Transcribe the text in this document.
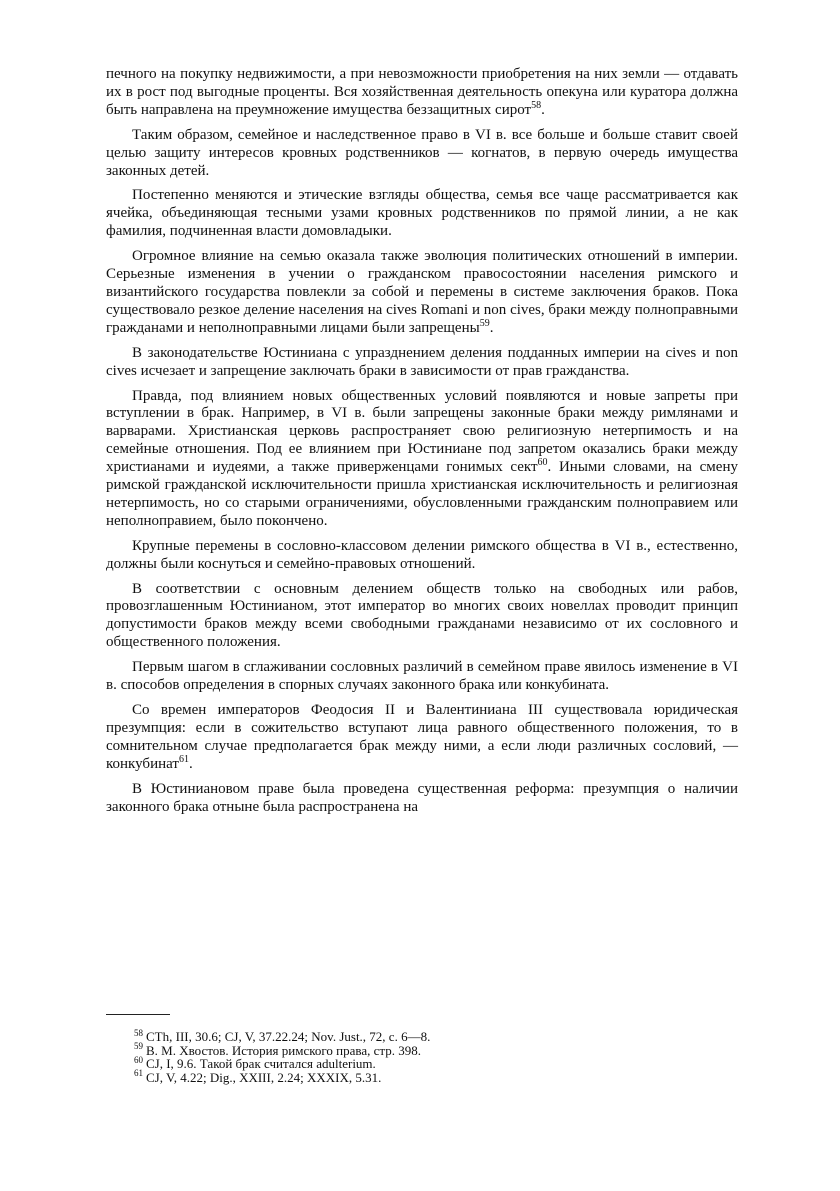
печного на покупку недвижимости, а при невозможности приобретения на них земли — отдавать их в рост под выгодные проценты. Вся хозяйственная деятельность опекуна или куратора должна быть направлена на преумножение имущества беззащитных сирот$^{58}$.

Таким образом, семейное и наследственное право в VI в. все больше и больше ставит своей целью защиту интересов кровных родственников — когнатов, в первую очередь имущества законных детей.

Постепенно меняются и этические взгляды общества, семья все чаще рассматривается как ячейка, объединяющая тесными узами кровных родственников по прямой линии, а не как фамилия, подчиненная власти домовладыки.

Огромное влияние на семью оказала также эволюция политических отношений в империи. Серьезные изменения в учении о гражданском правосостоянии населения римского и византийского государства повлекли за собой и перемены в системе заключения браков. Пока существовало резкое деление населения на cives Romani и non cives, браки между полноправными гражданами и неполноправными лицами были запрещены$^{59}$.

В законодательстве Юстиниана с упразднением деления подданных империи на cives и non cives исчезает и запрещение заключать браки в зависимости от прав гражданства.

Правда, под влиянием новых общественных условий появляются и новые запреты при вступлении в брак. Например, в VI в. были запрещены законные браки между римлянами и варварами. Христианская церковь распространяет свою религиозную нетерпимость и на семейные отношения. Под ее влиянием при Юстиниане под запретом оказались браки между христианами и иудеями, а также приверженцами гонимых сект$^{60}$. Иными словами, на смену римской гражданской исключительности пришла христианская исключительность и религиозная нетерпимость, но со старыми ограничениями, обусловленными гражданским полноправием или неполноправием, было покончено.

Крупные перемены в сословно-классовом делении римского общества в VI в., естественно, должны были коснуться и семейно-правовых отношений.

В соответствии с основным делением обществ только на свободных или рабов, провозглашенным Юстинианом, этот император во многих своих новеллах проводит принцип допустимости браков между всеми свободными гражданами независимо от их сословного и общественного положения.

Первым шагом в сглаживании сословных различий в семейном праве явилось изменение в VI в. способов определения в спорных случаях законного брака или конкубината.

Со времен императоров Феодосия II и Валентиниана III существовала юридическая презумпция: если в сожительство вступают лица равного общественного положения, то в сомнительном случае предполагается брак между ними, а если люди различных сословий, — конкубинат$^{61}$.

В Юстиниановом праве была проведена существенная реформа: презумпция о наличии законного брака отныне была распространена на

$^{58}$ CTh, III, 30.6; CJ, V, 37.22.24; Nov. Just., 72, c. 6—8.

$^{59}$ В. М. Хвостов. История римского права, стр. 398.

$^{60}$ CJ, I, 9.6. Такой брак считался adulterium.

$^{61}$ CJ, V, 4.22; Dig., XXIII, 2.24; XXXIX, 5.31.
